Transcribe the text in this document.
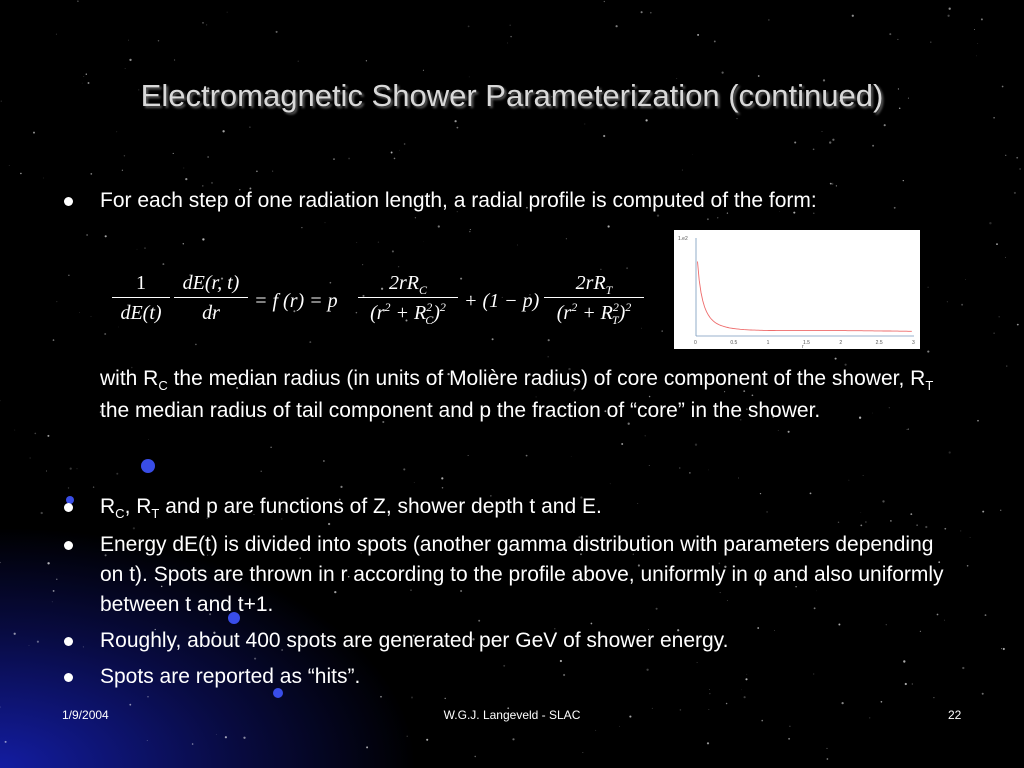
Electromagnetic Shower Parameterization (continued)
For each step of one radiation length, a radial profile is computed of the form:
with $R_C$ the median radius (in units of Molière radius) of core component of the shower, $R_T$ the median radius of tail component and p the fraction of “core” in the shower.
$R_C$, $R_T$ and p are functions of Z, shower depth t and E.
Energy dE(t) is divided into spots (another gamma distribution with parameters depending on t). Spots are thrown in r according to the profile above, uniformly in φ and also uniformly between t and t+1.
Roughly, about 400 spots are generated per GeV of shower energy.
Spots are reported as “hits”.
1
dE(t)
dE(r, t)
dr
= f (r) = p
$2rR_C$
$(r^2 + R^2_C)^2 + (1 - p)$
$2rR_T$
$(r^2 + R^2_T)^2$
1.e2
0	0.5	1	1.5	2	2.5	3
r
1/9/2004	W.G.J. Langeveld - SLAC	22
